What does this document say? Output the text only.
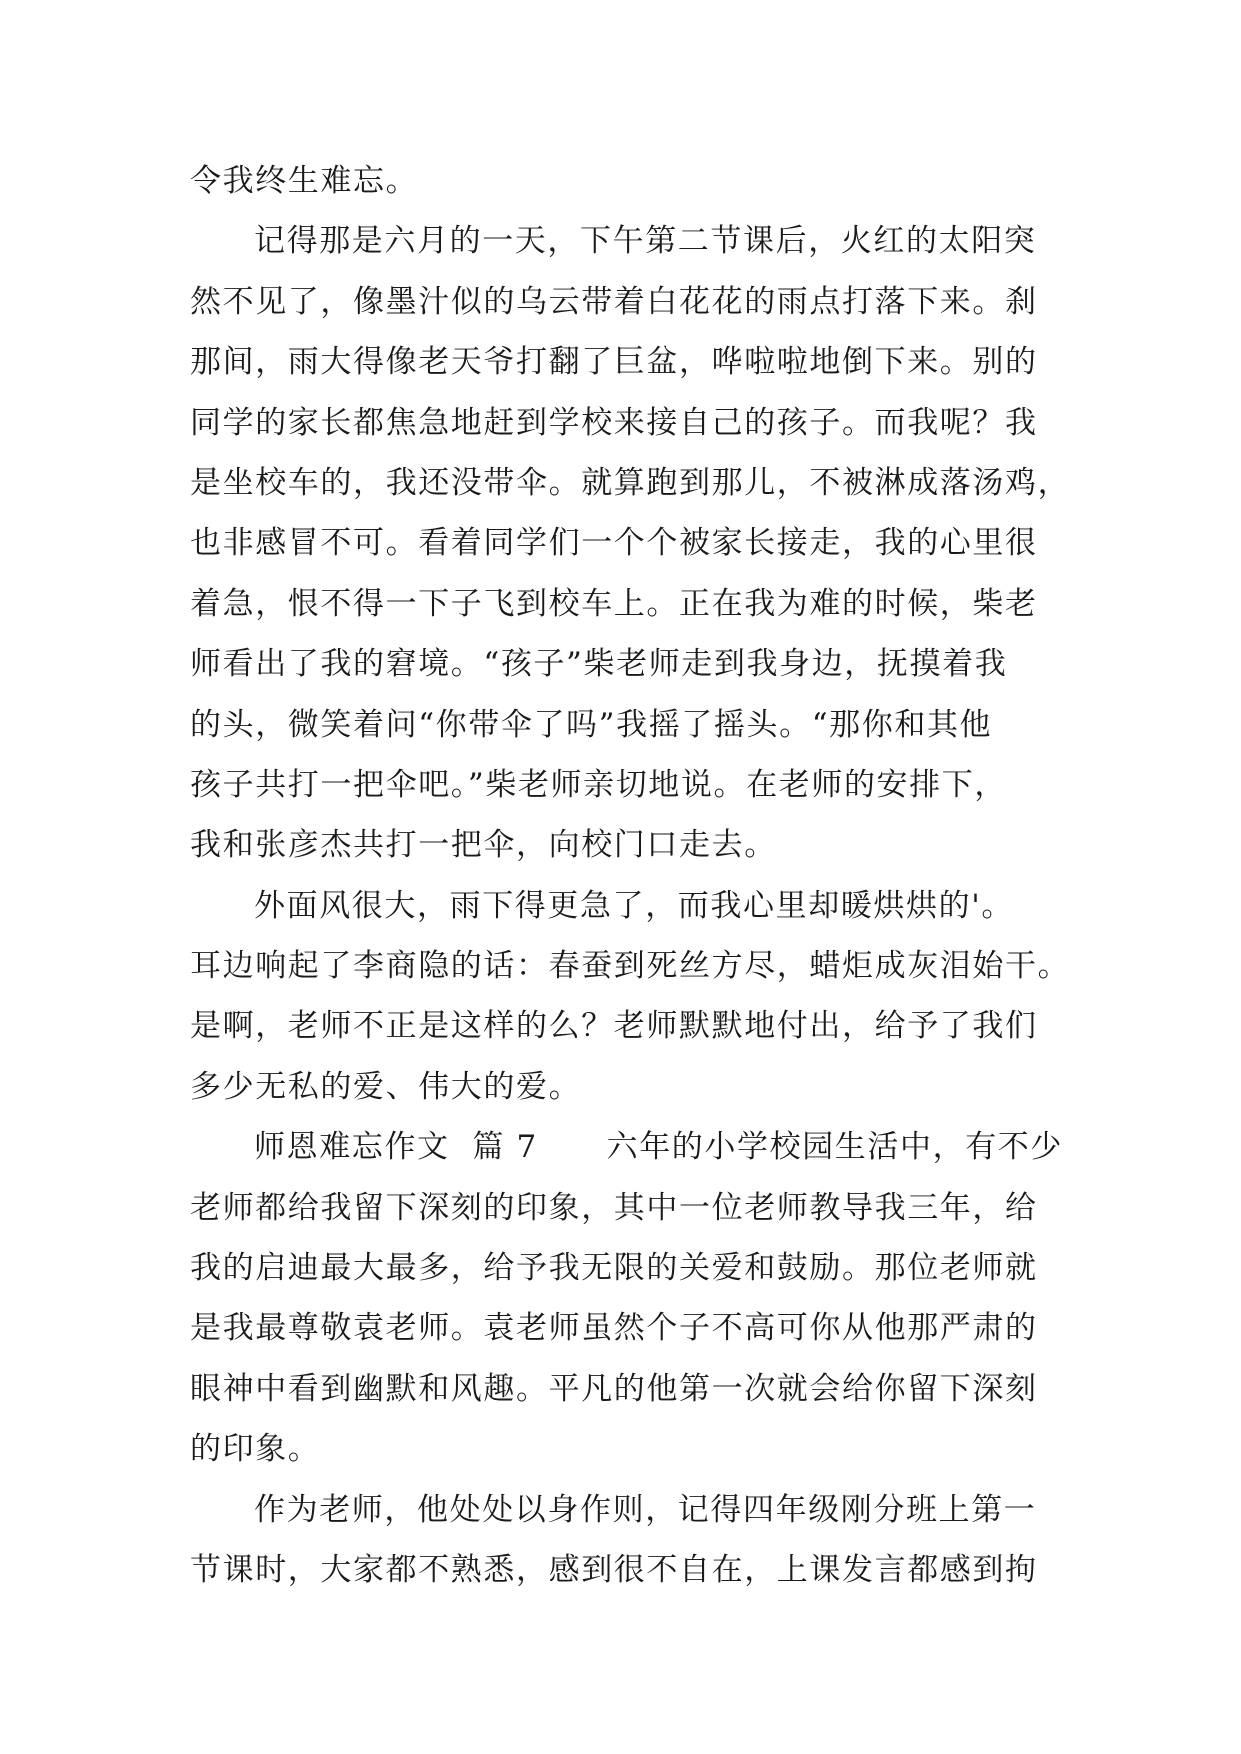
令我终生难忘。
记得那是六月的一天，下午第二节课后，火红的太阳突
然不见了，像墨汁似的乌云带着白花花的雨点打落下来。刹
那间，雨大得像老天爷打翻了巨盆，哗啦啦地倒下来。别的
同学的家长都焦急地赶到学校来接自己的孩子。而我呢？我
是坐校车的，我还没带伞。就算跑到那儿，不被淋成落汤鸡，
也非感冒不可。看着同学们一个个被家长接走，我的心里很
着急，恨不得一下子飞到校车上。正在我为难的时候，柴老
师看出了我的窘境。“孩子”柴老师走到我身边，抚摸着我
的头，微笑着问“你带伞了吗”我摇了摇头。“那你和其他
孩子共打一把伞吧。”柴老师亲切地说。在老师的安排下，
我和张彦杰共打一把伞，向校门口走去。
外面风很大，雨下得更急了，而我心里却暖烘烘的'。
耳边响起了李商隐的话：春蚕到死丝方尽，蜡炬成灰泪始干。
是啊，老师不正是这样的么？老师默默地付出，给予了我们
多少无私的爱、伟大的爱。
师恩难忘作文  篇 7      六年的小学校园生活中，有不少
老师都给我留下深刻的印象，其中一位老师教导我三年，给
我的启迪最大最多，给予我无限的关爱和鼓励。那位老师就
是我最尊敬袁老师。袁老师虽然个子不高可你从他那严肃的
眼神中看到幽默和风趣。平凡的他第一次就会给你留下深刻
的印象。
作为老师，他处处以身作则，记得四年级刚分班上第一
节课时，大家都不熟悉，感到很不自在，上课发言都感到拘
